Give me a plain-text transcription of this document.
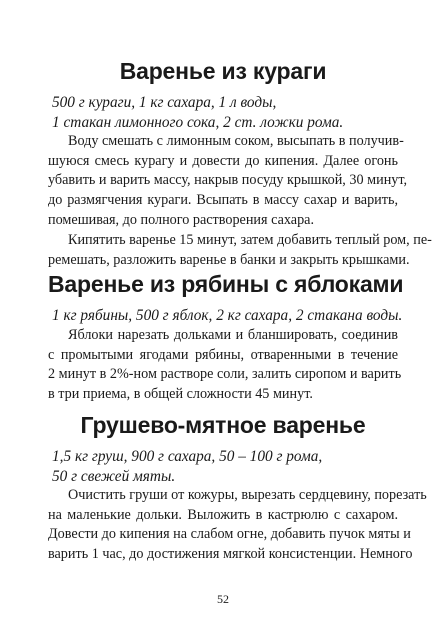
Варенье из кураги
500 г кураги, 1 кг сахара, 1 л воды,
1 стакан лимонного сока, 2 ст. ложки рома.
Воду смешать с лимонным соком, высыпать в получив-
шуюся смесь курагу и довести до кипения. Далее огонь
убавить и варить массу, накрыв посуду крышкой, 30 минут,
до размягчения кураги. Всыпать в массу сахар и варить,
помешивая, до полного растворения сахара.
Кипятить варенье 15 минут, затем добавить теплый ром, пе-
ремешать, разложить варенье в банки и закрыть крышками.
Варенье из рябины с яблоками
1 кг рябины, 500 г яблок, 2 кг сахара, 2 стакана воды.
Яблоки нарезать дольками и бланшировать, соединив
с промытыми ягодами рябины, отваренными в течение
2 минут в 2%-ном растворе соли, залить сиропом и варить
в три приема, в общей сложности 45 минут.
Грушево-мятное варенье
1,5 кг груш, 900 г сахара, 50 – 100 г рома,
50 г свежей мяты.
Очистить груши от кожуры, вырезать сердцевину, порезать
на маленькие дольки. Выложить в кастрюлю с сахаром.
Довести до кипения на слабом огне, добавить пучок мяты и
варить 1 час, до достижения мягкой консистенции. Немного
52
